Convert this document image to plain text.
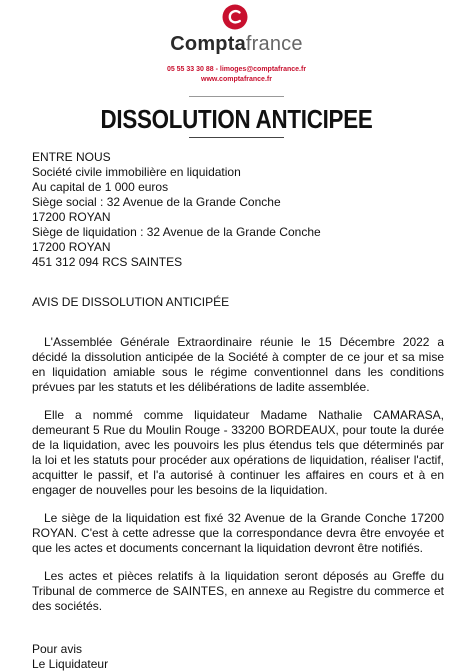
Comptafrance
05 55 33 30 88 - limoges@comptafrance.fr
www.comptafrance.fr
DISSOLUTION ANTICIPEE

ENTRE NOUS

Société civile immobilière en liquidation

Au capital de 1 000 euros

Siège social : 32 Avenue de la Grande Conche

17200 ROYAN

Siège de liquidation : 32 Avenue de la Grande Conche

17200 ROYAN

451 312 094 RCS SAINTES

AVIS DE DISSOLUTION ANTICIPÉE

L'Assemblée Générale Extraordinaire réunie le 15 Décembre 2022 a décidé la dissolution anticipée de la Société à compter de ce jour et sa mise en liquidation amiable sous le régime conventionnel dans les conditions prévues par les statuts et les délibérations de ladite assemblée.

Elle a nommé comme liquidateur Madame Nathalie CAMARASA, demeurant 5 Rue du Moulin Rouge - 33200 BORDEAUX, pour toute la durée de la liquidation, avec les pouvoirs les plus étendus tels que déterminés par la loi et les statuts pour procéder aux opérations de liquidation, réaliser l'actif, acquitter le passif, et l'a autorisé à continuer les affaires en cours et à en engager de nouvelles pour les besoins de la liquidation.

Le siège de la liquidation est fixé 32 Avenue de la Grande Conche 17200 ROYAN. C'est à cette adresse que la correspondance devra être envoyée et que les actes et documents concernant la liquidation devront être notifiés.

Les actes et pièces relatifs à la liquidation seront déposés au Greffe du Tribunal de commerce de SAINTES, en annexe au Registre du commerce et des sociétés.

Pour avis

Le Liquidateur
